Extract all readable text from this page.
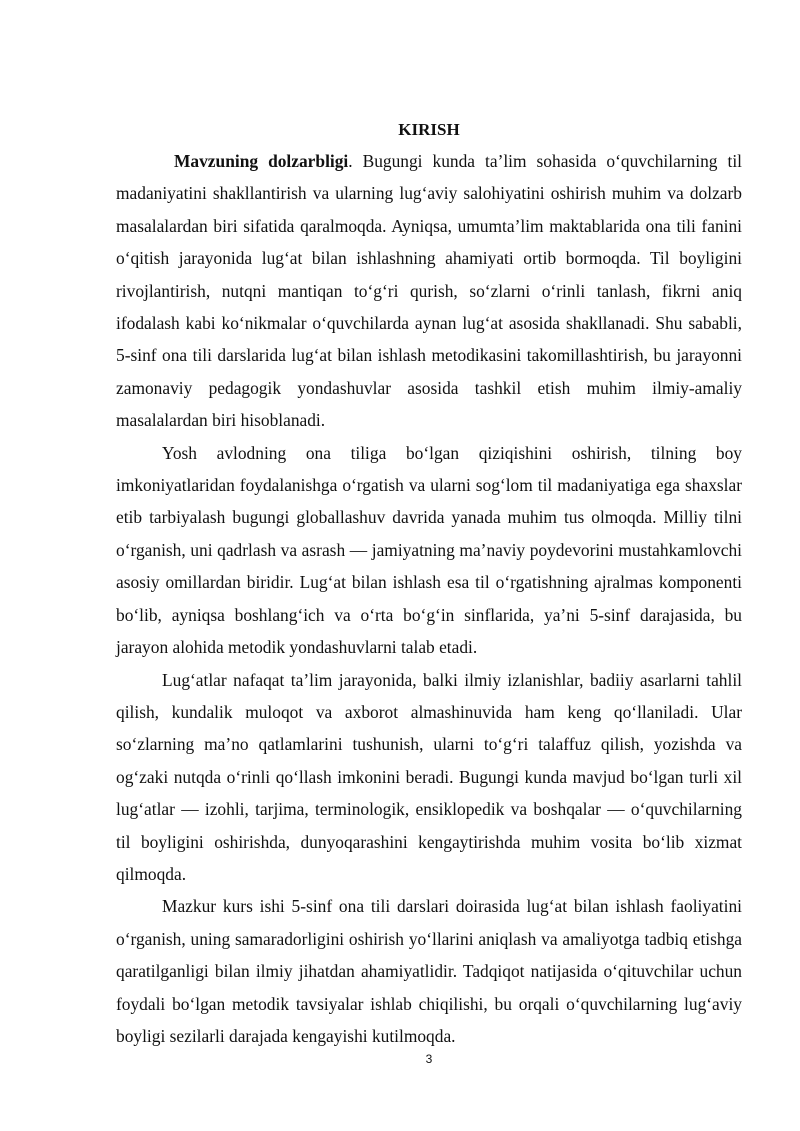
KIRISH

Mavzuning dolzarbligi. Bugungi kunda ta’lim sohasida o‘quvchilarning til madaniyatini shakllantirish va ularning lug‘aviy salohiyatini oshirish muhim va dolzarb masalalardan biri sifatida qaralmoqda. Ayniqsa, umumta’lim maktablarida ona tili fanini o‘qitish jarayonida lug‘at bilan ishlashning ahamiyati ortib bormoqda. Til boyligini rivojlantirish, nutqni mantiqan to‘g‘ri qurish, so‘zlarni o‘rinli tanlash, fikrni aniq ifodalash kabi ko‘nikmalar o‘quvchilarda aynan lug‘at asosida shakllanadi. Shu sababli, 5-sinf ona tili darslarida lug‘at bilan ishlash metodikasini takomillashtirish, bu jarayonni zamonaviy pedagogik yondashuvlar asosida tashkil etish muhim ilmiy-amaliy masalalardan biri hisoblanadi.

Yosh avlodning ona tiliga bo‘lgan qiziqishini oshirish, tilning boy imkoniyatlaridan foydalanishga o‘rgatish va ularni sog‘lom til madaniyatiga ega shaxslar etib tarbiyalash bugungi globallashuv davrida yanada muhim tus olmoqda. Milliy tilni o‘rganish, uni qadrlash va asrash — jamiyatning ma’naviy poydevorini mustahkamlovchi asosiy omillardan biridir. Lug‘at bilan ishlash esa til o‘rgatishning ajralmas komponenti bo‘lib, ayniqsa boshlang‘ich va o‘rta bo‘g‘in sinflarida, ya’ni 5-sinf darajasida, bu jarayon alohida metodik yondashuvlarni talab etadi.

Lug‘atlar nafaqat ta’lim jarayonida, balki ilmiy izlanishlar, badiiy asarlarni tahlil qilish, kundalik muloqot va axborot almashinuvida ham keng qo‘llaniladi. Ular so‘zlarning ma’no qatlamlarini tushunish, ularni to‘g‘ri talaffuz qilish, yozishda va og‘zaki nutqda o‘rinli qo‘llash imkonini beradi. Bugungi kunda mavjud bo‘lgan turli xil lug‘atlar — izohli, tarjima, terminologik, ensiklopedik va boshqalar — o‘quvchilarning til boyligini oshirishda, dunyoqarashini kengaytirishda muhim vosita bo‘lib xizmat qilmoqda.

Mazkur kurs ishi 5-sinf ona tili darslari doirasida lug‘at bilan ishlash faoliyatini o‘rganish, uning samaradorligini oshirish yo‘llarini aniqlash va amaliyotga tadbiq etishga qaratilganligi bilan ilmiy jihatdan ahamiyatlidir. Tadqiqot natijasida o‘qituvchilar uchun foydali bo‘lgan metodik tavsiyalar ishlab chiqilishi, bu orqali o‘quvchilarning lug‘aviy boyligi sezilarli darajada kengayishi kutilmoqda.

3
